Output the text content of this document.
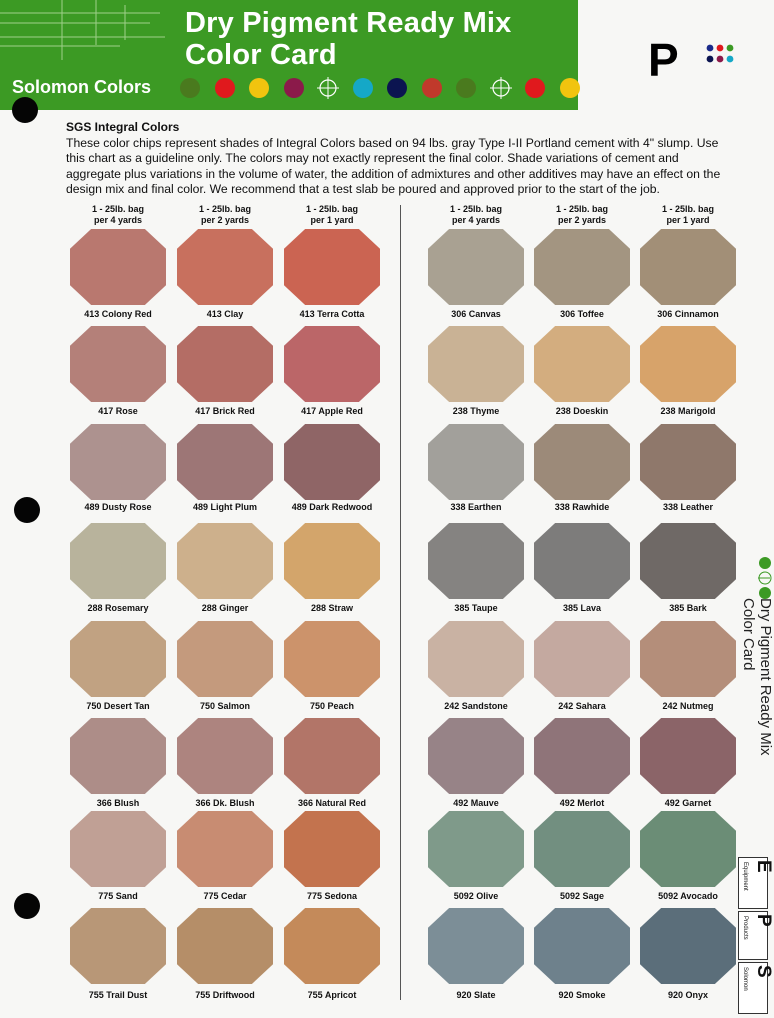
Dry Pigment Ready Mix
Color Card
Solomon Colors
P
SGS Integral Colors
These color chips represent shades of Integral Colors based on 94 lbs. gray Type I-II Portland cement with 4" slump. Use this chart as a guideline only. The colors may not exactly represent the final color. Shade variations of cement and aggregate plus variations in the volume of water, the addition of admixtures and other additives may have an effect on the design mix and final color. We recommend that a test slab be poured and approved prior to the start of the job.
1 - 25lb. bag
per 4 yards
1 - 25lb. bag
per 2 yards
1 - 25lb. bag
per 1 yard
1 - 25lb. bag
per 4 yards
1 - 25lb. bag
per 2 yards
1 - 25lb. bag
per 1 yard
413 Colony Red	413 Clay	413 Terra Cotta
417 Rose	417 Brick Red	417 Apple Red
489 Dusty Rose	489 Light Plum	489 Dark Redwood
288 Rosemary	288 Ginger	288 Straw
750 Desert Tan	750 Salmon	750 Peach
366 Blush	366 Dk. Blush	366 Natural Red
775 Sand	775 Cedar	775 Sedona
755 Trail Dust	755 Driftwood	755 Apricot
306 Canvas	306 Toffee	306 Cinnamon
238 Thyme	238 Doeskin	238 Marigold
338 Earthen	338 Rawhide	338 Leather
385 Taupe	385 Lava	385 Bark
242 Sandstone	242 Sahara	242 Nutmeg
492 Mauve	492 Merlot	492 Garnet
5092 Olive	5092 Sage	5092 Avocado
920 Slate	920 Smoke	920 Onyx
Dry Pigment Ready Mix
Color Card
Equipment E
Products P
Solomon S
